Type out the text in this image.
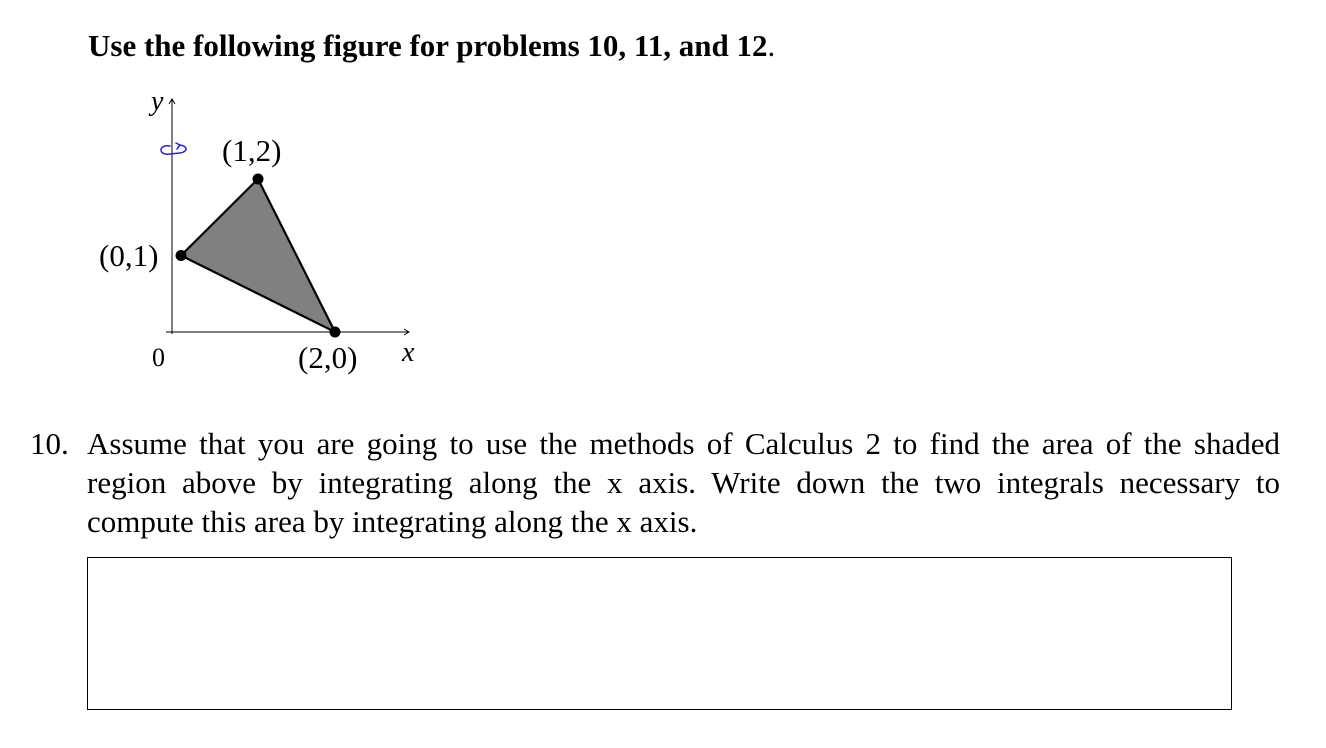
Use the following figure for problems 10, 11, and 12.
(0,1)
(1,2)
(2,0)
0	x
y
10. Assume that you are going to use the methods of Calculus 2 to find the area of the shaded region above by integrating along the x axis. Write down the two integrals necessary to compute this area by integrating along the x axis.
